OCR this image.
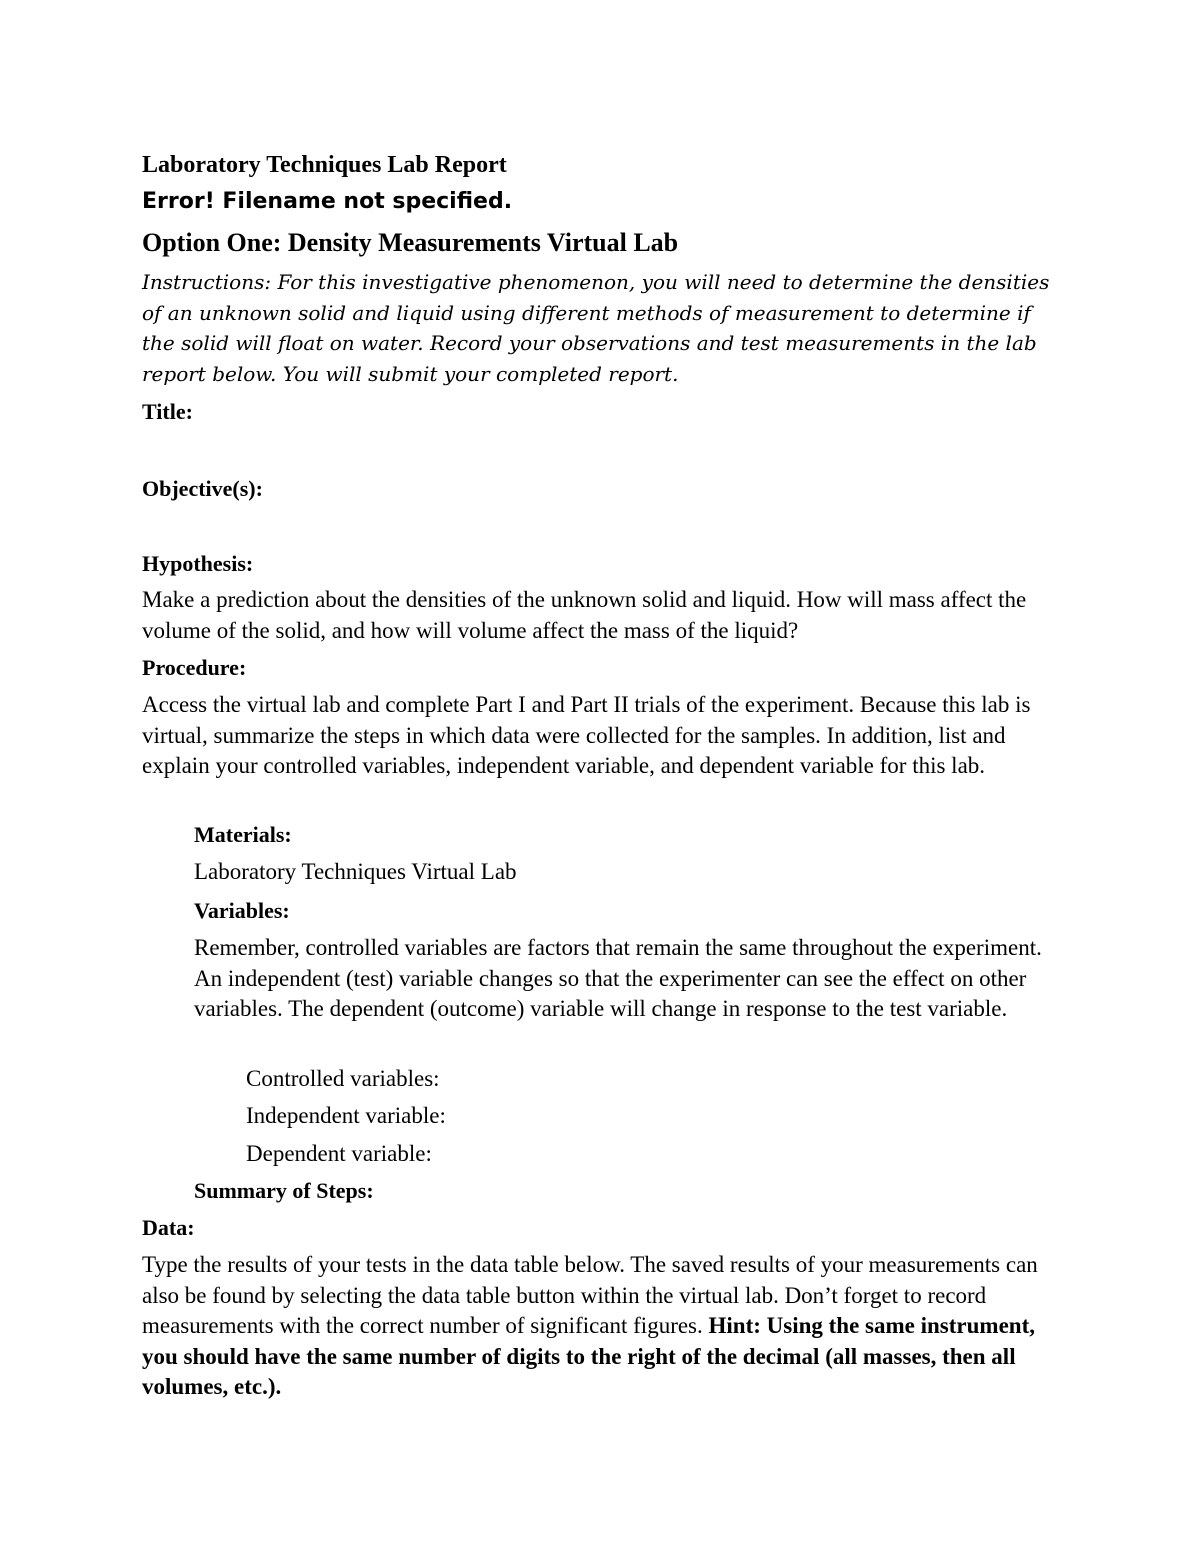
Laboratory Techniques Lab Report
Error! Filename not specified.
Option One: Density Measurements Virtual Lab

Instructions: For this investigative phenomenon, you will need to determine the densities of an unknown solid and liquid using different methods of measurement to determine if the solid will float on water. Record your observations and test measurements in the lab report below. You will submit your completed report.

Title:
Objective(s):
Hypothesis:

Make a prediction about the densities of the unknown solid and liquid. How will mass affect the volume of the solid, and how will volume affect the mass of the liquid?

Procedure:

Access the virtual lab and complete Part I and Part II trials of the experiment. Because this lab is virtual, summarize the steps in which data were collected for the samples. In addition, list and explain your controlled variables, independent variable, and dependent variable for this lab.

Materials:
Laboratory Techniques Virtual Lab
Variables:

Remember, controlled variables are factors that remain the same throughout the experiment. An independent (test) variable changes so that the experimenter can see the effect on other variables. The dependent (outcome) variable will change in response to the test variable.

Controlled variables:
Independent variable:
Dependent variable:
Summary of Steps:
Data:

Type the results of your tests in the data table below. The saved results of your measurements can also be found by selecting the data table button within the virtual lab. Don’t forget to record measurements with the correct number of significant figures. Hint: Using the same instrument, you should have the same number of digits to the right of the decimal (all masses, then all volumes, etc.).
